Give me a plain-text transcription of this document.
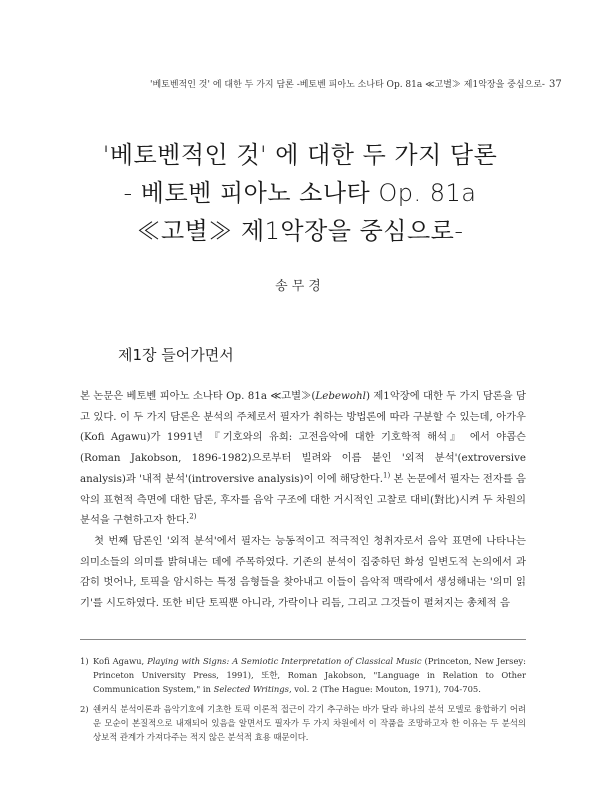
'베토벤적인 것' 에 대한 두 가지 담론 -베토벤 피아노 소나타 Op. 81a ≪고별≫ 제1악장을 중심으로- 37
'베토벤적인 것' 에 대한 두 가지 담론
- 베토벤 피아노 소나타 Op. 81a
≪고별≫ 제1악장을 중심으로-
송무경
제1장 들어가면서

본 논문은 베토벤 피아노 소나타 Op. 81a ≪고별≫(Lebewohl) 제1악장에 대한 두 가지 담론을 담고 있다. 이 두 가지 담론은 분석의 주체로서 필자가 취하는 방법론에 따라 구분할 수 있는데, 아가우(Kofi Agawu)가 1991년 『기호와의 유희: 고전음악에 대한 기호학적 해석』 에서 야콥슨(Roman Jakobson, 1896-1982)으로부터 빌려와 이름 붙인 '외적 분석'(extroversive analysis)과 '내적 분석'(introversive analysis)이 이에 해당한다.$^{1)}$ 본 논문에서 필자는 전자를 음악의 표현적 측면에 대한 담론, 후자를 음악 구조에 대한 거시적인 고찰로 대비(對比)시켜 두 차원의 분석을 구현하고자 한다.$^{2)}$

첫 번째 담론인 '외적 분석'에서 필자는 능동적이고 적극적인 청취자로서 음악 표면에 나타나는 의미소들의 의미를 밝혀내는 데에 주목하였다. 기존의 분석이 집중하던 화성 일변도적 논의에서 과감히 벗어나, 토픽을 암시하는 특정 음형들을 찾아내고 이들이 음악적 맥락에서 생성해내는 '의미 읽기'를 시도하였다. 또한 비단 토픽뿐 아니라, 가락이나 리듬, 그리고 그것들이 펼쳐지는 총체적 음

1) Kofi Agawu, Playing with Signs: A Semiotic Interpretation of Classical Music (Princeton, New Jersey: Princeton University Press, 1991), 또한, Roman Jakobson, "Language in Relation to Other Communication System," in Selected Writings, vol. 2 (The Hague: Mouton, 1971), 704-705.
2) 쉔커식 분석이론과 음악기호에 기초한 토픽 이론적 접근이 각기 추구하는 바가 달라 하나의 분석 모델로 융합하기 어려운 모순이 본질적으로 내재되어 있음을 알면서도 필자가 두 가지 차원에서 이 작품을 조망하고자 한 이유는 두 분석의 상보적 관계가 가져다주는 적지 않은 분석적 효용 때문이다.
